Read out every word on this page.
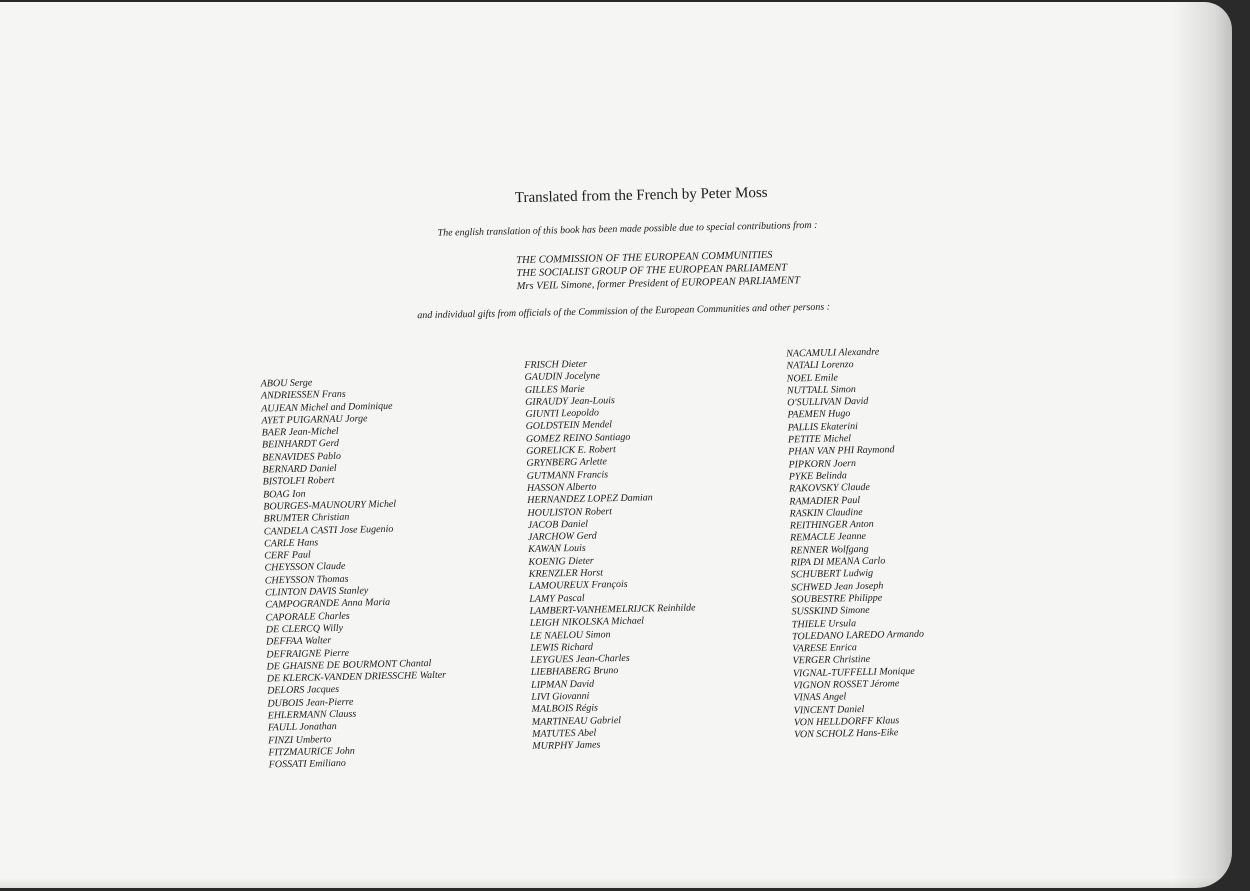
Translated from the French by Peter Moss
The english translation of this book has been made possible due to special contributions from :
THE COMMISSION OF THE EUROPEAN COMMUNITIES
THE SOCIALIST GROUP OF THE EUROPEAN PARLIAMENT
Mrs VEIL Simone, former President of EUROPEAN PARLIAMENT
and individual gifts from officials of the Commission of the European Communities and other persons :
ABOU Serge
ANDRIESSEN Frans
AUJEAN Michel and Dominique
AYET PUIGARNAU Jorge
BAER Jean-Michel
BEINHARDT Gerd
BENAVIDES Pablo
BERNARD Daniel
BISTOLFI Robert
BOAG Ion
BOURGES-MAUNOURY Michel
BRUMTER Christian
CANDELA CASTI Jose Eugenio
CARLE Hans
CERF Paul
CHEYSSON Claude
CHEYSSON Thomas
CLINTON DAVIS Stanley
CAMPOGRANDE Anna Maria
CAPORALE Charles
DE CLERCQ Willy
DEFFAA Walter
DEFRAIGNE Pierre
DE GHAISNE DE BOURMONT Chantal
DE KLERCK-VANDEN DRIESSCHE Walter
DELORS Jacques
DUBOIS Jean-Pierre
EHLERMANN Clauss
FAULL Jonathan
FINZI Umberto
FITZMAURICE John
FOSSATI Emiliano
FRISCH Dieter
GAUDIN Jocelyne
GILLES Marie
GIRAUDY Jean-Louis
GIUNTI Leopoldo
GOLDSTEIN Mendel
GOMEZ REINO Santiago
GORELICK E. Robert
GRYNBERG Arlette
GUTMANN Francis
HASSON Alberto
HERNANDEZ LOPEZ Damian
HOULISTON Robert
JACOB Daniel
JARCHOW Gerd
KAWAN Louis
KOENIG Dieter
KRENZLER Horst
LAMOUREUX François
LAMY Pascal
LAMBERT-VANHEMELRIJCK Reinhilde
LEIGH NIKOLSKA Michael
LE NAELOU Simon
LEWIS Richard
LEYGUES Jean-Charles
LIEBHABERG Bruno
LIPMAN David
LIVI Giovanni
MALBOIS Régis
MARTINEAU Gabriel
MATUTES Abel
MURPHY James
NACAMULI Alexandre
NATALI Lorenzo
NOEL Emile
NUTTALL Simon
O'SULLIVAN David
PAEMEN Hugo
PALLIS Ekaterini
PETITE Michel
PHAN VAN PHI Raymond
PIPKORN Joern
PYKE Belinda
RAKOVSKY Claude
RAMADIER Paul
RASKIN Claudine
REITHINGER Anton
REMACLE Jeanne
RENNER Wolfgang
RIPA DI MEANA Carlo
SCHUBERT Ludwig
SCHWED Jean Joseph
SOUBESTRE Philippe
SUSSKIND Simone
THIELE Ursula
TOLEDANO LAREDO Armando
VARESE Enrica
VERGER Christine
VIGNAL-TUFFELLI Monique
VIGNON ROSSET Jérome
VINAS Angel
VINCENT Daniel
VON HELLDORFF Klaus
VON SCHOLZ Hans-Eike
